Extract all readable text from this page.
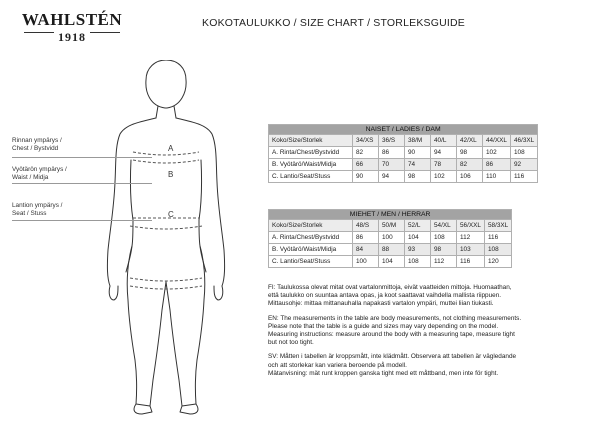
WAHLSTÉN
1918
KOKOTAULUKKO / SIZE CHART / STORLEKSGUIDE
Rinnan ympärys /
Chest / Bystvidd	A
Vyötärön ympärys /
Waist / Midja	B
Lantion ympärys /
Seat / Stuss	C
NAISET / LADIES / DAM							
Koko/Size/Storlek	34/XS	36/S	38/M	40/L	42/XL	44/XXL	46/3XL
A. Rinta/Chest/Bystvidd	82	86	90	94	98	102	108
B. Vyötärö/Waist/Midja	66	70	74	78	82	86	92
C. Lantio/Seat/Stuss	90	94	98	102	106	110	116
MIEHET / MEN / HERRAR						
Koko/Size/Storlek	48/S	50/M	52/L	54/XL	56/XXL	58/3XL
A. Rinta/Chest/Bystvidd	86	100	104	108	112	116
B. Vyötärö/Waist/Midja	84	88	93	98	103	108
C. Lantio/Seat/Stuss	100	104	108	112	116	120

FI: Taulukossa olevat mitat ovat vartalonmittoja, eivät vaatteiden mittoja. Huomaathan,
että taulukko on suuntaa antava opas, ja koot saattavat vaihdella mallista riippuen.
Mittausohje: mittaa mittanauhalla napakasti vartalon ympäri, muttei liian tiukasti.

EN: The measurements in the table are body measurements, not clothing measurements.
Please note that the table is a guide and sizes may vary depending on the model.
Measuring instructions: measure around the body with a measuring tape, measure tight
but not too tight.

SV: Måtten i tabellen är kroppsmått, inte klädmått. Observera att tabellen är vägledande
och att storlekar kan variera beroende på modell.
Mätanvisning: mät runt kroppen ganska tight med ett måttband, men inte för tight.
